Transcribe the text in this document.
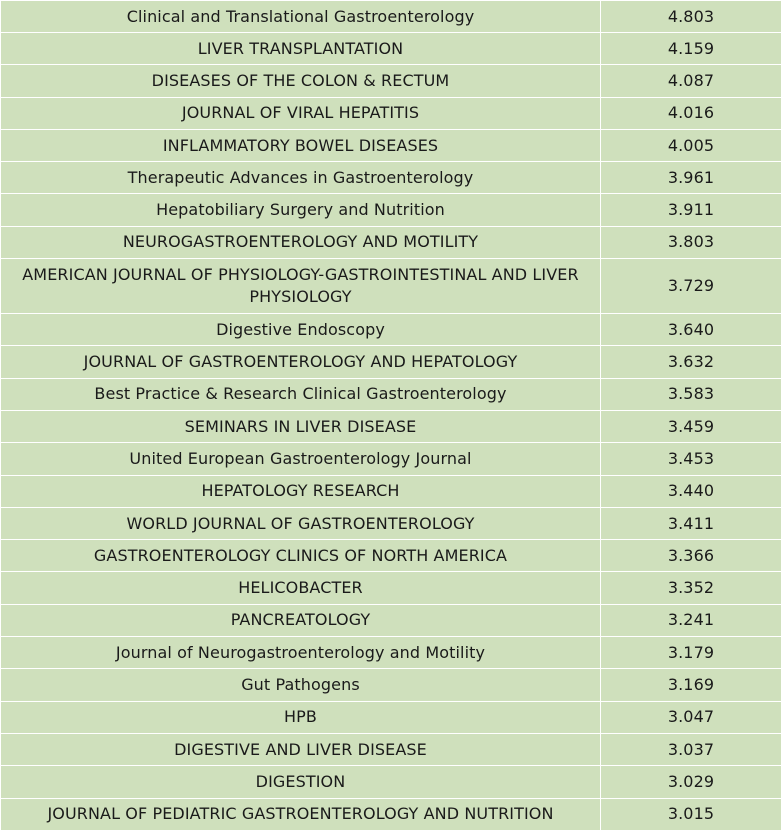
Clinical and Translational Gastroenterology	4.803
LIVER TRANSPLANTATION	4.159
DISEASES OF THE COLON & RECTUM	4.087
JOURNAL OF VIRAL HEPATITIS	4.016
INFLAMMATORY BOWEL DISEASES	4.005
Therapeutic Advances in Gastroenterology	3.961
Hepatobiliary Surgery and Nutrition	3.911
NEUROGASTROENTEROLOGY AND MOTILITY	3.803
AMERICAN JOURNAL OF PHYSIOLOGY-GASTROINTESTINAL AND LIVER PHYSIOLOGY	3.729
Digestive Endoscopy	3.640
JOURNAL OF GASTROENTEROLOGY AND HEPATOLOGY	3.632
Best Practice & Research Clinical Gastroenterology	3.583
SEMINARS IN LIVER DISEASE	3.459
United European Gastroenterology Journal	3.453
HEPATOLOGY RESEARCH	3.440
WORLD JOURNAL OF GASTROENTEROLOGY	3.411
GASTROENTEROLOGY CLINICS OF NORTH AMERICA	3.366
HELICOBACTER	3.352
PANCREATOLOGY	3.241
Journal of Neurogastroenterology and Motility	3.179
Gut Pathogens	3.169
HPB	3.047
DIGESTIVE AND LIVER DISEASE	3.037
DIGESTION	3.029
JOURNAL OF PEDIATRIC GASTROENTEROLOGY AND NUTRITION	3.015
